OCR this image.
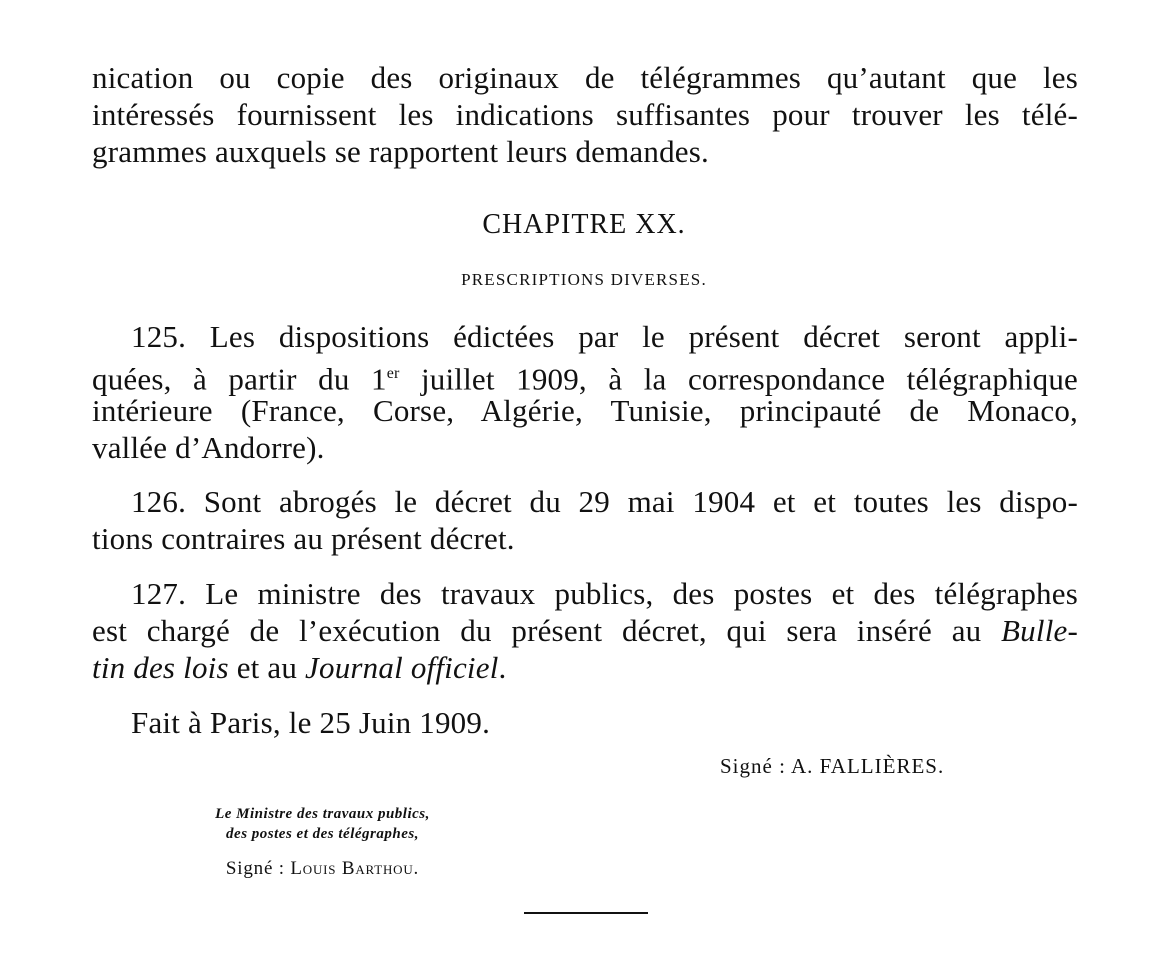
nication ou copie des originaux de télégrammes qu’autant que les
intéressés fournissent les indications suffisantes pour trouver les télé-
grammes auxquels se rapportent leurs demandes.
CHAPITRE XX.
PRESCRIPTIONS DIVERSES.
125. Les dispositions édictées par le présent décret seront appli-
quées, à partir du 1er juillet 1909, à la correspondance télégraphique
intérieure (France, Corse, Algérie, Tunisie, principauté de Monaco,
vallée d’Andorre).
126. Sont abrogés le décret du 29 mai 1904 et et toutes les dispo-
tions contraires au présent décret.
127. Le ministre des travaux publics, des postes et des télégraphes
est chargé de l’exécution du présent décret, qui sera inséré au Bulle-
tin des lois et au Journal officiel.
Fait à Paris, le 25 Juin 1909.
Signé : A. FALLIÈRES.
Le Ministre des travaux publics,
des postes et des télégraphes,
Signé : Louis Barthou.
